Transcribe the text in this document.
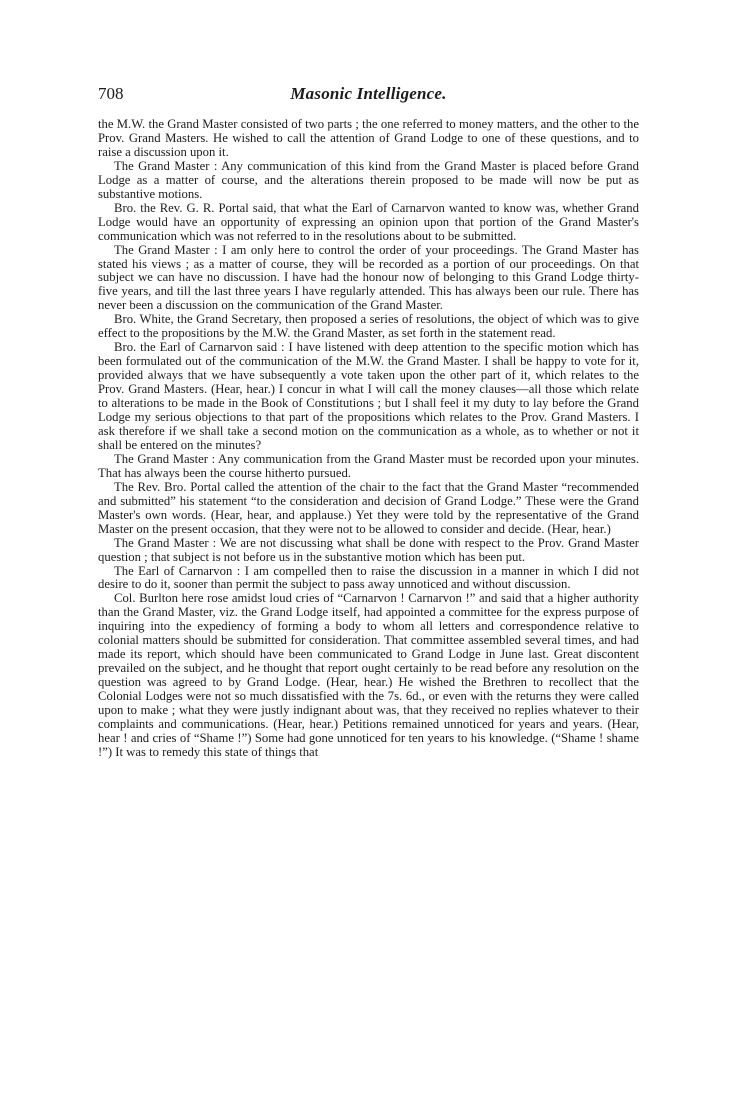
708	Masonic Intelligence.

the M.W. the Grand Master consisted of two parts ; the one referred to money matters, and the other to the Prov. Grand Masters. He wished to call the attention of Grand Lodge to one of these questions, and to raise a discussion upon it.

The Grand Master : Any communication of this kind from the Grand Master is placed before Grand Lodge as a matter of course, and the alterations therein proposed to be made will now be put as substantive motions.

Bro. the Rev. G. R. Portal said, that what the Earl of Carnarvon wanted to know was, whether Grand Lodge would have an opportunity of expressing an opinion upon that portion of the Grand Master's communication which was not referred to in the resolutions about to be submitted.

The Grand Master : I am only here to control the order of your proceedings. The Grand Master has stated his views ; as a matter of course, they will be recorded as a portion of our proceedings. On that subject we can have no discussion. I have had the honour now of belonging to this Grand Lodge thirty-five years, and till the last three years I have regularly attended. This has always been our rule. There has never been a discussion on the communication of the Grand Master.

Bro. White, the Grand Secretary, then proposed a series of resolutions, the object of which was to give effect to the propositions by the M.W. the Grand Master, as set forth in the statement read.

Bro. the Earl of Carnarvon said : I have listened with deep attention to the specific motion which has been formulated out of the communication of the M.W. the Grand Master. I shall be happy to vote for it, provided always that we have subsequently a vote taken upon the other part of it, which relates to the Prov. Grand Masters. (Hear, hear.) I concur in what I will call the money clauses—all those which relate to alterations to be made in the Book of Constitutions ; but I shall feel it my duty to lay before the Grand Lodge my serious objections to that part of the propositions which relates to the Prov. Grand Masters. I ask therefore if we shall take a second motion on the communication as a whole, as to whether or not it shall be entered on the minutes?

The Grand Master : Any communication from the Grand Master must be recorded upon your minutes. That has always been the course hitherto pursued.

The Rev. Bro. Portal called the attention of the chair to the fact that the Grand Master “recommended and submitted” his statement “to the consideration and decision of Grand Lodge.” These were the Grand Master's own words. (Hear, hear, and applause.) Yet they were told by the representative of the Grand Master on the present occasion, that they were not to be allowed to consider and decide. (Hear, hear.)

The Grand Master : We are not discussing what shall be done with respect to the Prov. Grand Master question ; that subject is not before us in the substantive motion which has been put.

The Earl of Carnarvon : I am compelled then to raise the discussion in a manner in which I did not desire to do it, sooner than permit the subject to pass away unnoticed and without discussion.

Col. Burlton here rose amidst loud cries of “Carnarvon ! Carnarvon !” and said that a higher authority than the Grand Master, viz. the Grand Lodge itself, had appointed a committee for the express purpose of inquiring into the expediency of forming a body to whom all letters and correspondence relative to colonial matters should be submitted for consideration. That committee assembled several times, and had made its report, which should have been communicated to Grand Lodge in June last. Great discontent prevailed on the subject, and he thought that report ought certainly to be read before any resolution on the question was agreed to by Grand Lodge. (Hear, hear.) He wished the Brethren to recollect that the Colonial Lodges were not so much dissatisfied with the 7s. 6d., or even with the returns they were called upon to make ; what they were justly indignant about was, that they received no replies whatever to their complaints and communications. (Hear, hear.) Petitions remained unnoticed for years and years. (Hear, hear ! and cries of “Shame !”) Some had gone unnoticed for ten years to his knowledge. (“Shame ! shame !”) It was to remedy this state of things that
